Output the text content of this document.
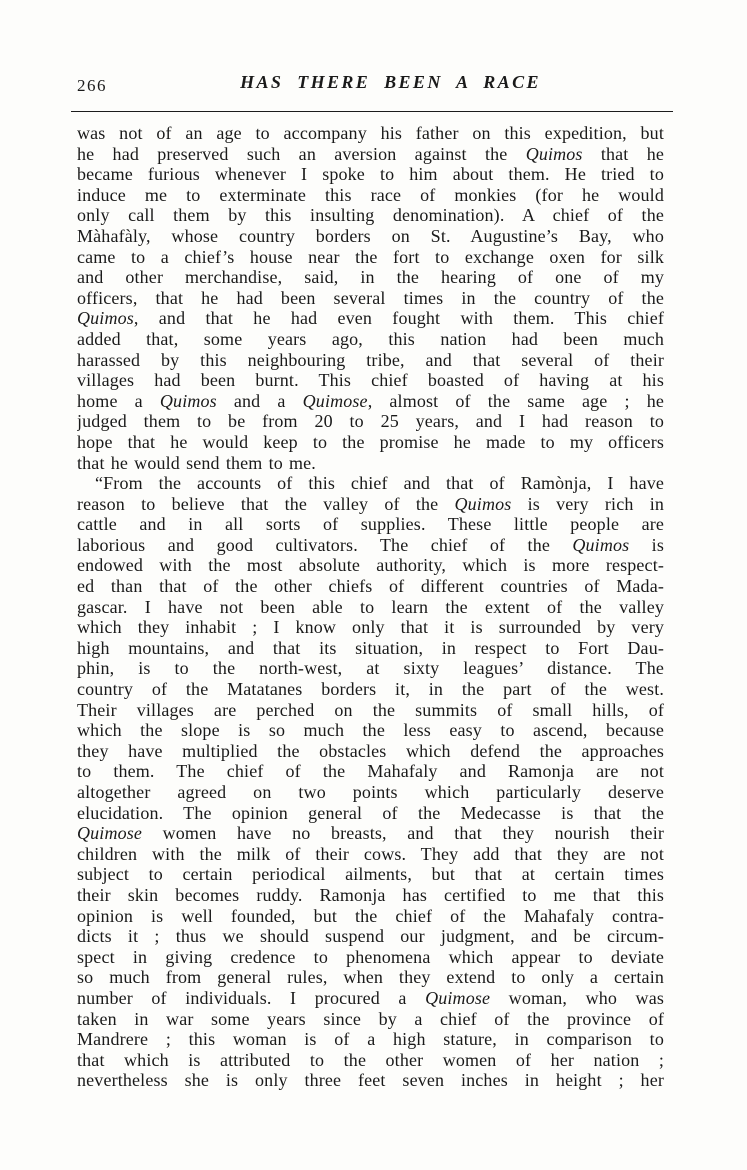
266	HAS THERE BEEN A RACE
was not of an age to accompany his father on this expedition, but
he had preserved such an aversion against the Quimos that he
became furious whenever I spoke to him about them. He tried to
induce me to exterminate this race of monkies (for he would
only call them by this insulting denomination). A chief of the
Màhafàly, whose country borders on St. Augustine’s Bay, who
came to a chief’s house near the fort to exchange oxen for silk
and other merchandise, said, in the hearing of one of my
officers, that he had been several times in the country of the
Quimos, and that he had even fought with them. This chief
added that, some years ago, this nation had been much
harassed by this neighbouring tribe, and that several of their
villages had been burnt. This chief boasted of having at his
home a Quimos and a Quimose, almost of the same age ; he
judged them to be from 20 to 25 years, and I had reason to
hope that he would keep to the promise he made to my officers
that he would send them to me.
“From the accounts of this chief and that of Ramònja, I have
reason to believe that the valley of the Quimos is very rich in
cattle and in all sorts of supplies. These little people are
laborious and good cultivators. The chief of the Quimos is
endowed with the most absolute authority, which is more respect-
ed than that of the other chiefs of different countries of Mada-
gascar. I have not been able to learn the extent of the valley
which they inhabit ; I know only that it is surrounded by very
high mountains, and that its situation, in respect to Fort Dau-
phin, is to the north-west, at sixty leagues’ distance. The
country of the Matatanes borders it, in the part of the west.
Their villages are perched on the summits of small hills, of
which the slope is so much the less easy to ascend, because
they have multiplied the obstacles which defend the approaches
to them. The chief of the Mahafaly and Ramonja are not
altogether agreed on two points which particularly deserve
elucidation. The opinion general of the Medecasse is that the
Quimose women have no breasts, and that they nourish their
children with the milk of their cows. They add that they are not
subject to certain periodical ailments, but that at certain times
their skin becomes ruddy. Ramonja has certified to me that this
opinion is well founded, but the chief of the Mahafaly contra-
dicts it ; thus we should suspend our judgment, and be circum-
spect in giving credence to phenomena which appear to deviate
so much from general rules, when they extend to only a certain
number of individuals. I procured a Quimose woman, who was
taken in war some years since by a chief of the province of
Mandrere ; this woman is of a high stature, in comparison to
that which is attributed to the other women of her nation ;
nevertheless she is only three feet seven inches in height ; her
